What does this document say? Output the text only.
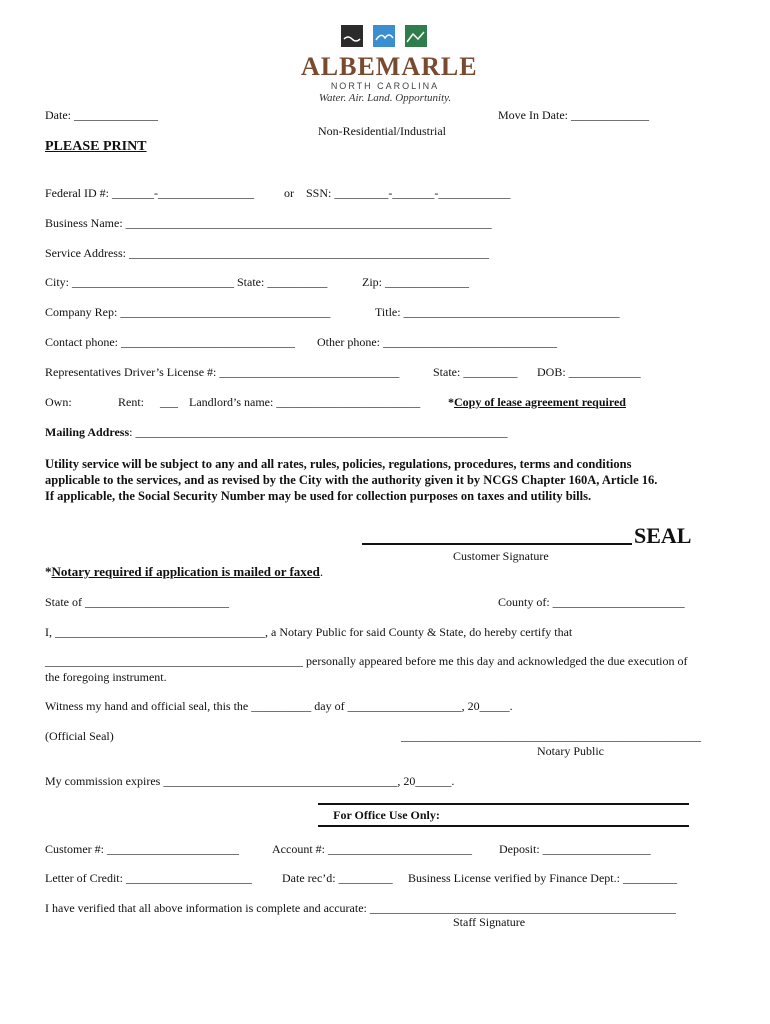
ALBEMARLE
NORTH CAROLINA
Water. Air. Land. Opportunity.
Date: ______________	Move In Date: _____________
Non-Residential/Industrial
PLEASE PRINT
Federal ID #: _______-________________	or SSN: _________-_______-____________
Business Name: _____________________________________________________________
Service Address: ____________________________________________________________
City: ___________________________ State: __________	Zip: ______________
Company Rep: ___________________________________	Title: ____________________________________
Contact phone: _____________________________ Other phone: _____________________________
Representatives Driver’s License #: ______________________________	State: _________ DOB: ____________
Own:	Rent: ___ Landlord’s name: ________________________ *Copy of lease agreement required
Mailing Address: ______________________________________________________________
Utility service will be subject to any and all rates, rules, policies, regulations, procedures, terms and conditions
applicable to the services, and as revised by the City with the authority given it by NCGS Chapter 160A, Article 16.
If applicable, the Social Security Number may be used for collection purposes on taxes and utility bills.
SEAL
Customer Signature
*Notary required if application is mailed or faxed.
State of ________________________	County of: ______________________
I, ___________________________________, a Notary Public for said County & State, do hereby certify that
___________________________________________ personally appeared before me this day and acknowledged the due execution of
the foregoing instrument.
Witness my hand and official seal, this the __________ day of ___________________, 20_____.
(Official Seal)	__________________________________________________
Notary Public
My commission expires _______________________________________, 20______.
For Office Use Only:
Customer #: ______________________	Account #: ________________________ Deposit: __________________
Letter of Credit: _____________________	Date rec’d: _________ Business License verified by Finance Dept.: _________
I have verified that all above information is complete and accurate: ___________________________________________________
Staff Signature
